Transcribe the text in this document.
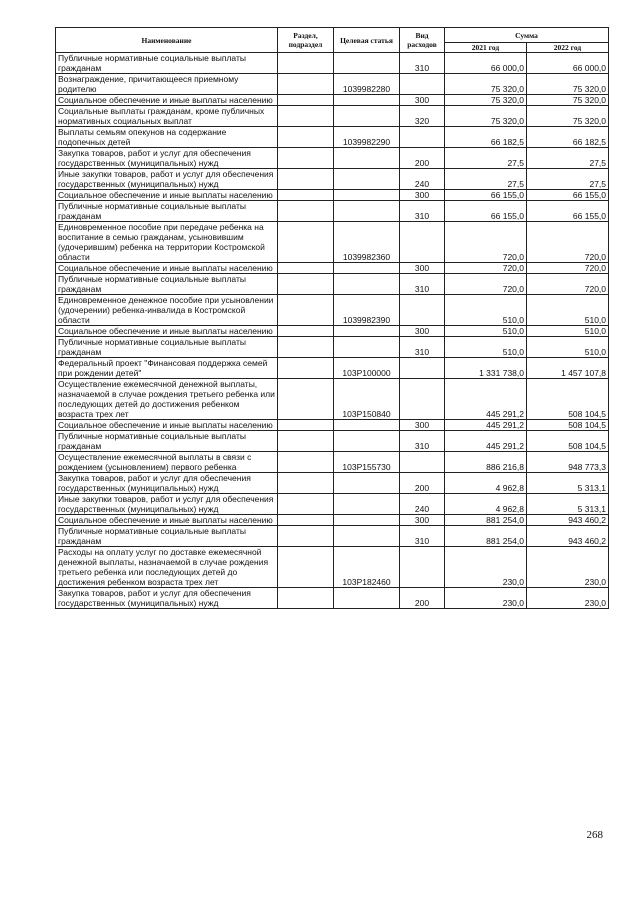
Наименование	Раздел, подраздел	Целевая статья	Вид расходов	Сумма	
				2021 год	2022 год
Публичные нормативные социальные выплаты гражданам			310	66 000,0	66 000,0
Вознаграждение, причитающееся приемному родителю		1039982280		75 320,0	75 320,0
Социальное обеспечение и иные выплаты населению			300	75 320,0	75 320,0
Социальные выплаты гражданам, кроме публичных нормативных социальных выплат			320	75 320,0	75 320,0
Выплаты семьям опекунов на содержание подопечных детей		1039982290		66 182,5	66 182,5
Закупка товаров, работ и услуг для обеспечения государственных (муниципальных) нужд			200	27,5	27,5
Иные закупки товаров, работ и услуг для обеспечения государственных (муниципальных) нужд			240	27,5	27,5
Социальное обеспечение и иные выплаты населению			300	66 155,0	66 155,0
Публичные нормативные социальные выплаты гражданам			310	66 155,0	66 155,0
Единовременное пособие при передаче ребенка на воспитание в семью гражданам, усыновившим (удочерившим) ребенка на территории Костромской области		1039982360		720,0	720,0
Социальное обеспечение и иные выплаты населению			300	720,0	720,0
Публичные нормативные социальные выплаты гражданам			310	720,0	720,0
Единовременное денежное пособие при усыновлении (удочерении) ребенка-инвалида в Костромской области		1039982390		510,0	510,0
Социальное обеспечение и иные выплаты населению			300	510,0	510,0
Публичные нормативные социальные выплаты гражданам			310	510,0	510,0
Федеральный проект "Финансовая поддержка семей при рождении детей"		103P100000		1 331 738,0	1 457 107,8
Осуществление ежемесячной денежной выплаты, назначаемой в случае рождения третьего ребенка или последующих детей до достижения ребенком возраста трех лет		103P150840		445 291,2	508 104,5
Социальное обеспечение и иные выплаты населению			300	445 291,2	508 104,5
Публичные нормативные социальные выплаты гражданам			310	445 291,2	508 104,5
Осуществление ежемесячной выплаты в связи с рождением (усыновлением) первого ребенка		103P155730		886 216,8	948 773,3
Закупка товаров, работ и услуг для обеспечения государственных (муниципальных) нужд			200	4 962,8	5 313,1
Иные закупки товаров, работ и услуг для обеспечения государственных (муниципальных) нужд			240	4 962,8	5 313,1
Социальное обеспечение и иные выплаты населению			300	881 254,0	943 460,2
Публичные нормативные социальные выплаты гражданам			310	881 254,0	943 460,2
Расходы на оплату услуг по доставке ежемесячной денежной выплаты, назначаемой в случае рождения третьего ребенка или последующих детей до достижения ребенком возраста трех лет		103P182460		230,0	230,0
Закупка товаров, работ и услуг для обеспечения государственных (муниципальных) нужд			200	230,0	230,0
268
